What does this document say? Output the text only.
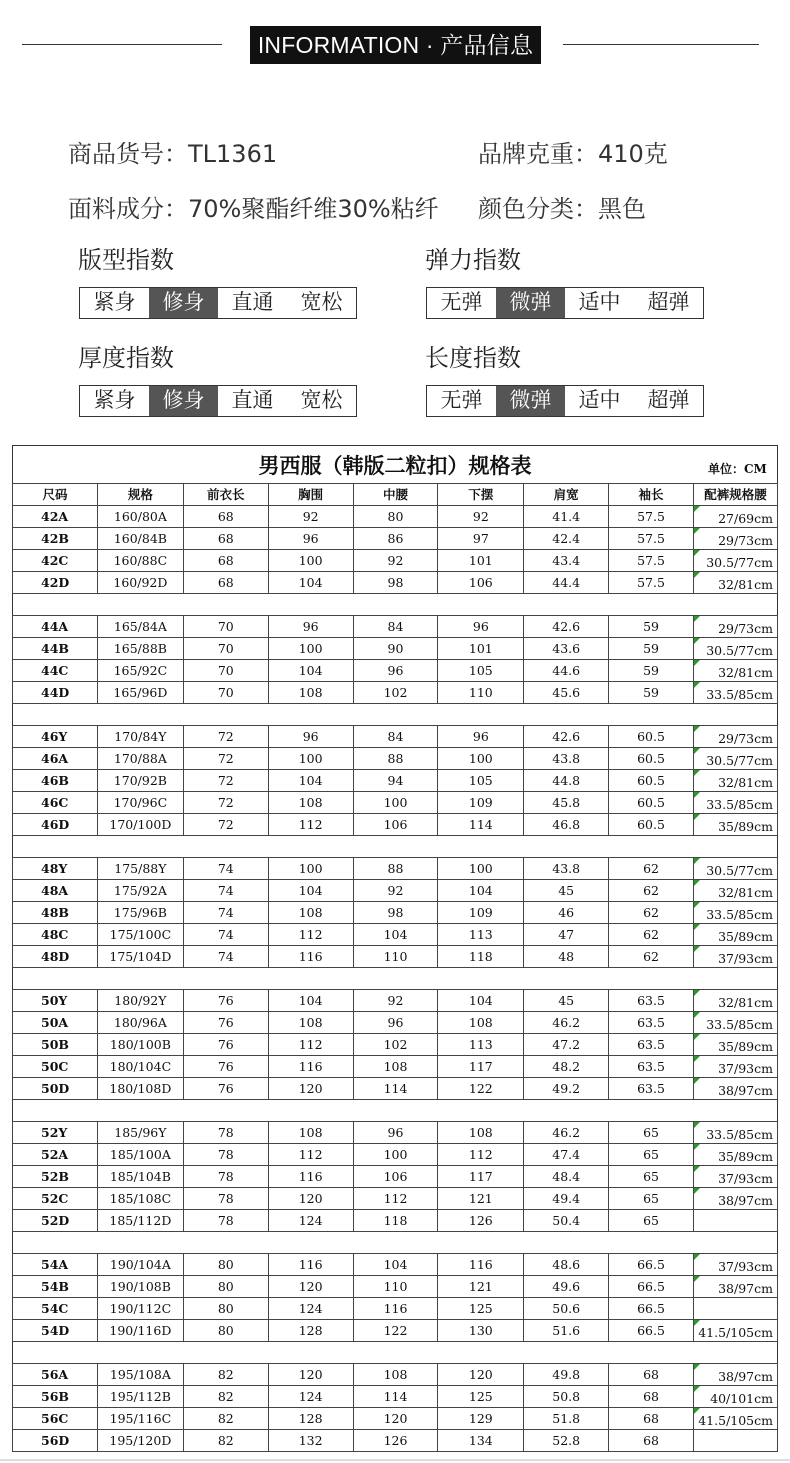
INFORMATION · 产品信息
商品货号：TL1361	品牌克重：410克
面料成分：70%聚酯纤维30%粘纤 颜色分类：黑色
版型指数
紧身	修身	直通	宽松
弹力指数
无弹	微弹	适中	超弹
厚度指数
紧身	修身	直通	宽松
长度指数
无弹	微弹	适中	超弹
男西服（韩版二粒扣）规格表	单位：CM
尺码	规格	前衣长	胸围	中腰	下摆	肩宽	袖长	配裤规格腰
42A	160/80A	68	92	80	92	41.4	57.5	27/69cm
42B	160/84B	68	96	86	97	42.4	57.5	29/73cm
42C	160/88C	68	100	92	101	43.4	57.5	30.5/77cm
42D	160/92D	68	104	98	106	44.4	57.5	32/81cm

44A	165/84A	70	96	84	96	42.6	59	29/73cm
44B	165/88B	70	100	90	101	43.6	59	30.5/77cm
44C	165/92C	70	104	96	105	44.6	59	32/81cm
44D	165/96D	70	108	102	110	45.6	59	33.5/85cm

46Y	170/84Y	72	96	84	96	42.6	60.5	29/73cm
46A	170/88A	72	100	88	100	43.8	60.5	30.5/77cm
46B	170/92B	72	104	94	105	44.8	60.5	32/81cm
46C	170/96C	72	108	100	109	45.8	60.5	33.5/85cm
46D	170/100D	72	112	106	114	46.8	60.5	35/89cm

48Y	175/88Y	74	100	88	100	43.8	62	30.5/77cm
48A	175/92A	74	104	92	104	45	62	32/81cm
48B	175/96B	74	108	98	109	46	62	33.5/85cm
48C	175/100C	74	112	104	113	47	62	35/89cm
48D	175/104D	74	116	110	118	48	62	37/93cm

50Y	180/92Y	76	104	92	104	45	63.5	32/81cm
50A	180/96A	76	108	96	108	46.2	63.5	33.5/85cm
50B	180/100B	76	112	102	113	47.2	63.5	35/89cm
50C	180/104C	76	116	108	117	48.2	63.5	37/93cm
50D	180/108D	76	120	114	122	49.2	63.5	38/97cm

52Y	185/96Y	78	108	96	108	46.2	65	33.5/85cm
52A	185/100A	78	112	100	112	47.4	65	35/89cm
52B	185/104B	78	116	106	117	48.4	65	37/93cm
52C	185/108C	78	120	112	121	49.4	65	38/97cm
52D	185/112D	78	124	118	126	50.4	65	

54A	190/104A	80	116	104	116	48.6	66.5	37/93cm
54B	190/108B	80	120	110	121	49.6	66.5	38/97cm
54C	190/112C	80	124	116	125	50.6	66.5	
54D	190/116D	80	128	122	130	51.6	66.5	41.5/105cm

56A	195/108A	82	120	108	120	49.8	68	38/97cm
56B	195/112B	82	124	114	125	50.8	68	40/101cm
56C	195/116C	82	128	120	129	51.8	68	41.5/105cm
56D	195/120D	82	132	126	134	52.8	68	
